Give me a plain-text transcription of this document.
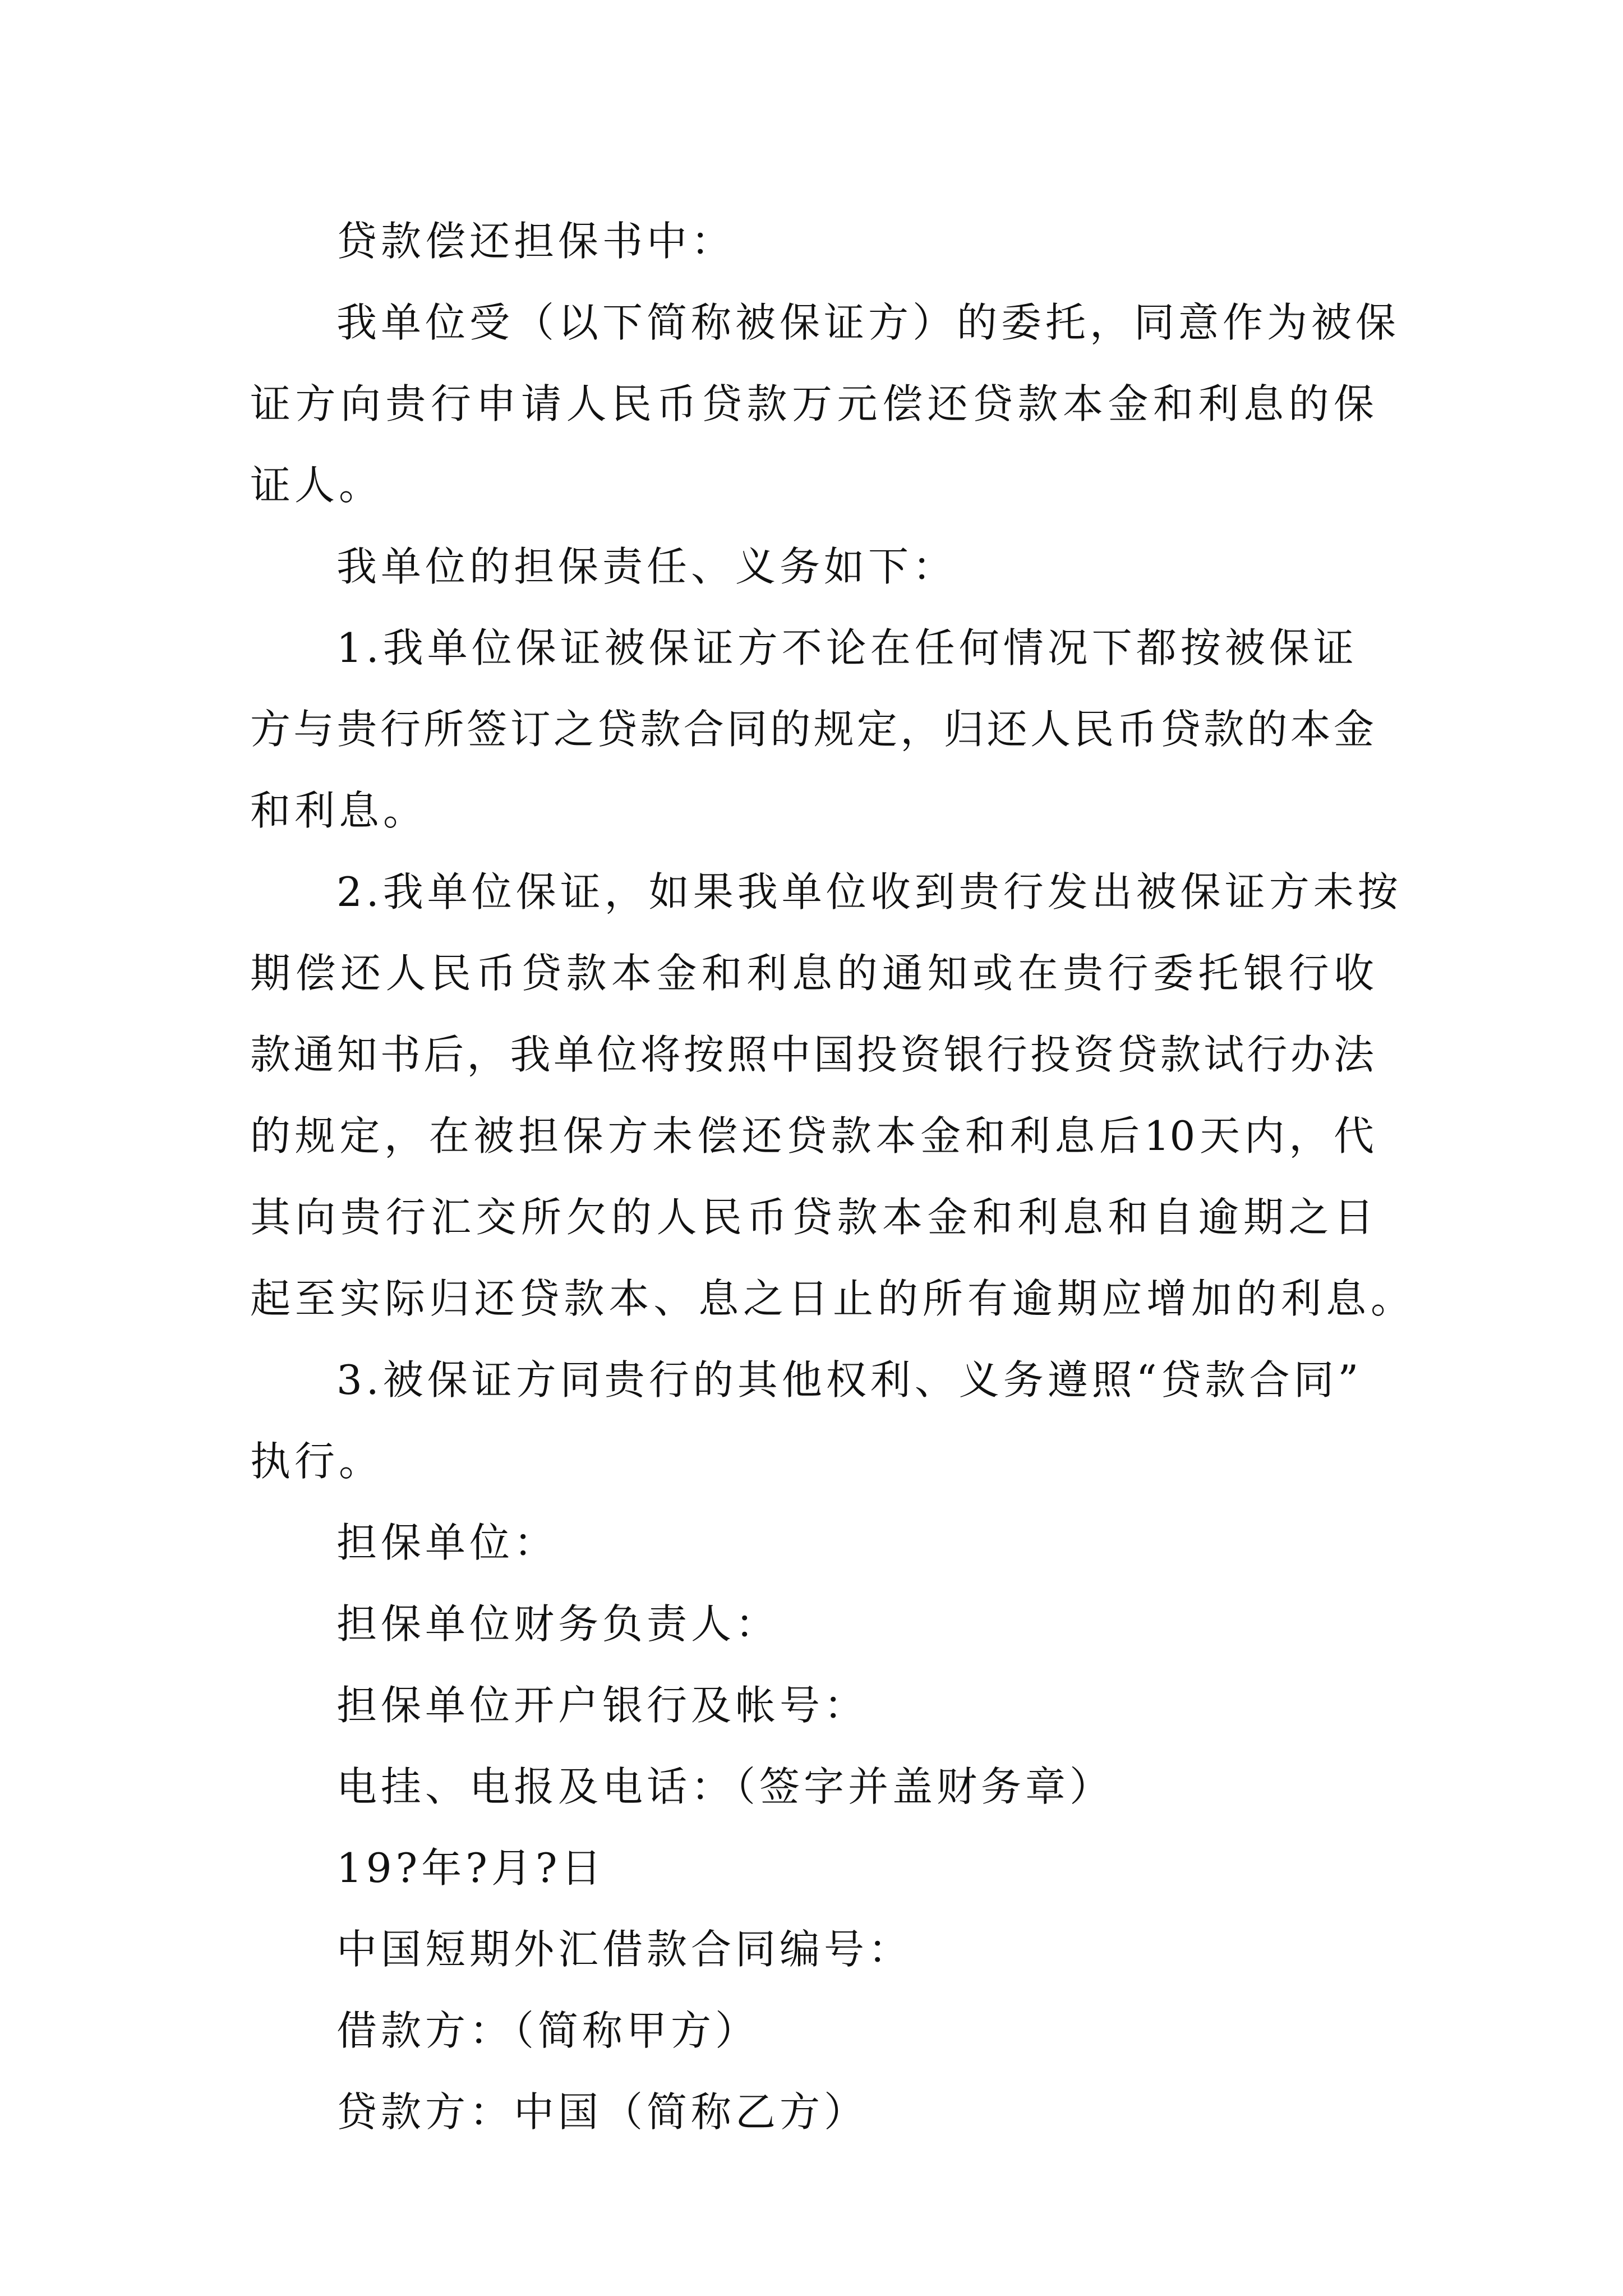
贷款偿还担保书中：
我单位受（以下简称被保证方）的委托，同意作为被保
证方向贵行申请人民币贷款万元偿还贷款本金和利息的保
证人。
我单位的担保责任、义务如下：
1.我单位保证被保证方不论在任何情况下都按被保证
方与贵行所签订之贷款合同的规定，归还人民币贷款的本金
和利息。
2.我单位保证，如果我单位收到贵行发出被保证方未按
期偿还人民币贷款本金和利息的通知或在贵行委托银行收
款通知书后，我单位将按照中国投资银行投资贷款试行办法
的规定，在被担保方未偿还贷款本金和利息后10天内，代
其向贵行汇交所欠的人民币贷款本金和利息和自逾期之日
起至实际归还贷款本、息之日止的所有逾期应增加的利息。
3.被保证方同贵行的其他权利、义务遵照“贷款合同”
执行。
担保单位：
担保单位财务负责人：
担保单位开户银行及帐号：
电挂、电报及电话：（签字并盖财务章）
19?年?月?日
中国短期外汇借款合同编号：
借款方：（简称甲方）
贷款方：中国（简称乙方）
